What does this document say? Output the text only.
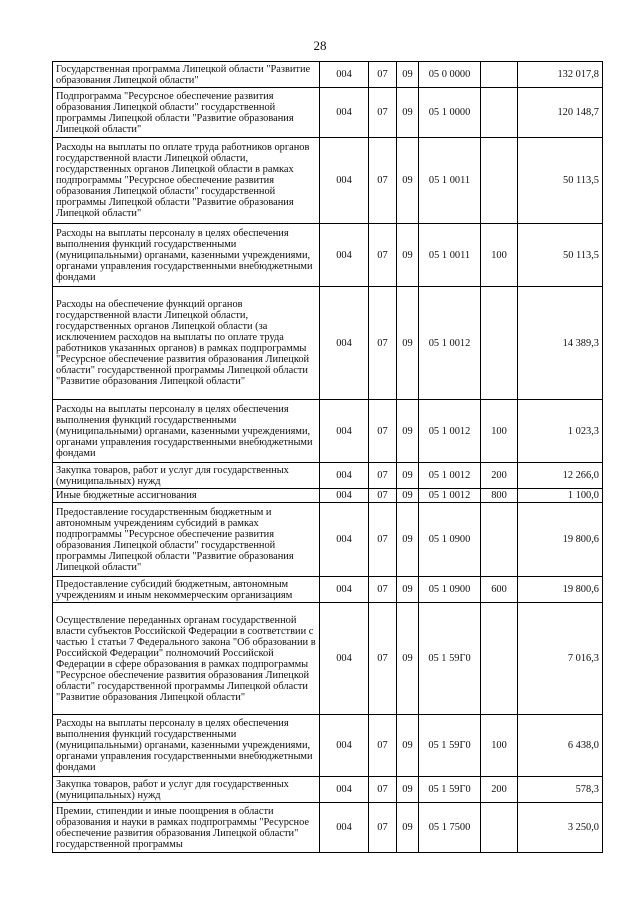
28
Государственная программа Липецкой области "Развитие образования Липецкой области"	004	07	09	05 0 0000		132 017,8
Подпрограмма "Ресурсное обеспечение развития образования Липецкой области" государственной программы Липецкой области "Развитие образования Липецкой области"	004	07	09	05 1 0000		120 148,7
Расходы на выплаты по оплате труда работников органов государственной власти Липецкой области, государственных органов Липецкой области в рамках подпрограммы "Ресурсное обеспечение развития образования Липецкой области" государственной программы Липецкой области "Развитие образования Липецкой области"	004	07	09	05 1 0011		50 113,5
Расходы на выплаты персоналу в целях обеспечения выполнения функций государственными (муниципальными) органами, казенными учреждениями, органами управления государственными внебюджетными фондами	004	07	09	05 1 0011	100	50 113,5
Расходы на обеспечение функций органов государственной власти Липецкой области, государственных органов Липецкой области (за исключением расходов на выплаты по оплате труда работников указанных органов) в рамках подпрограммы "Ресурсное обеспечение развития образования Липецкой области" государственной программы Липецкой области "Развитие образования Липецкой области"	004	07	09	05 1 0012		14 389,3
Расходы на выплаты персоналу в целях обеспечения выполнения функций государственными (муниципальными) органами, казенными учреждениями, органами управления государственными внебюджетными фондами	004	07	09	05 1 0012	100	1 023,3
Закупка товаров, работ и услуг для государственных (муниципальных) нужд	004	07	09	05 1 0012	200	12 266,0
Иные бюджетные ассигнования	004	07	09	05 1 0012	800	1 100,0
Предоставление государственным бюджетным и автономным учреждениям субсидий в рамках подпрограммы "Ресурсное обеспечение развития образования Липецкой области" государственной программы Липецкой области "Развитие образования Липецкой области"	004	07	09	05 1 0900		19 800,6
Предоставление субсидий бюджетным, автономным учреждениям и иным некоммерческим организациям	004	07	09	05 1 0900	600	19 800,6
Осуществление переданных органам государственной власти субъектов Российской Федерации в соответствии с частью 1 статьи 7 Федерального закона "Об образовании в Российской Федерации" полномочий Российской Федерации в сфере образования в рамках подпрограммы "Ресурсное обеспечение развития образования Липецкой области" государственной программы Липецкой области "Развитие образования Липецкой области"	004	07	09	05 1 59Г0		7 016,3
Расходы на выплаты персоналу в целях обеспечения выполнения функций государственными (муниципальными) органами, казенными учреждениями, органами управления государственными внебюджетными фондами	004	07	09	05 1 59Г0	100	6 438,0
Закупка товаров, работ и услуг для государственных (муниципальных) нужд	004	07	09	05 1 59Г0	200	578,3
Премии, стипендии и иные поощрения в области образования и науки в рамках подпрограммы "Ресурсное обеспечение развития образования Липецкой области" государственной программы	004	07	09	05 1 7500		3 250,0
